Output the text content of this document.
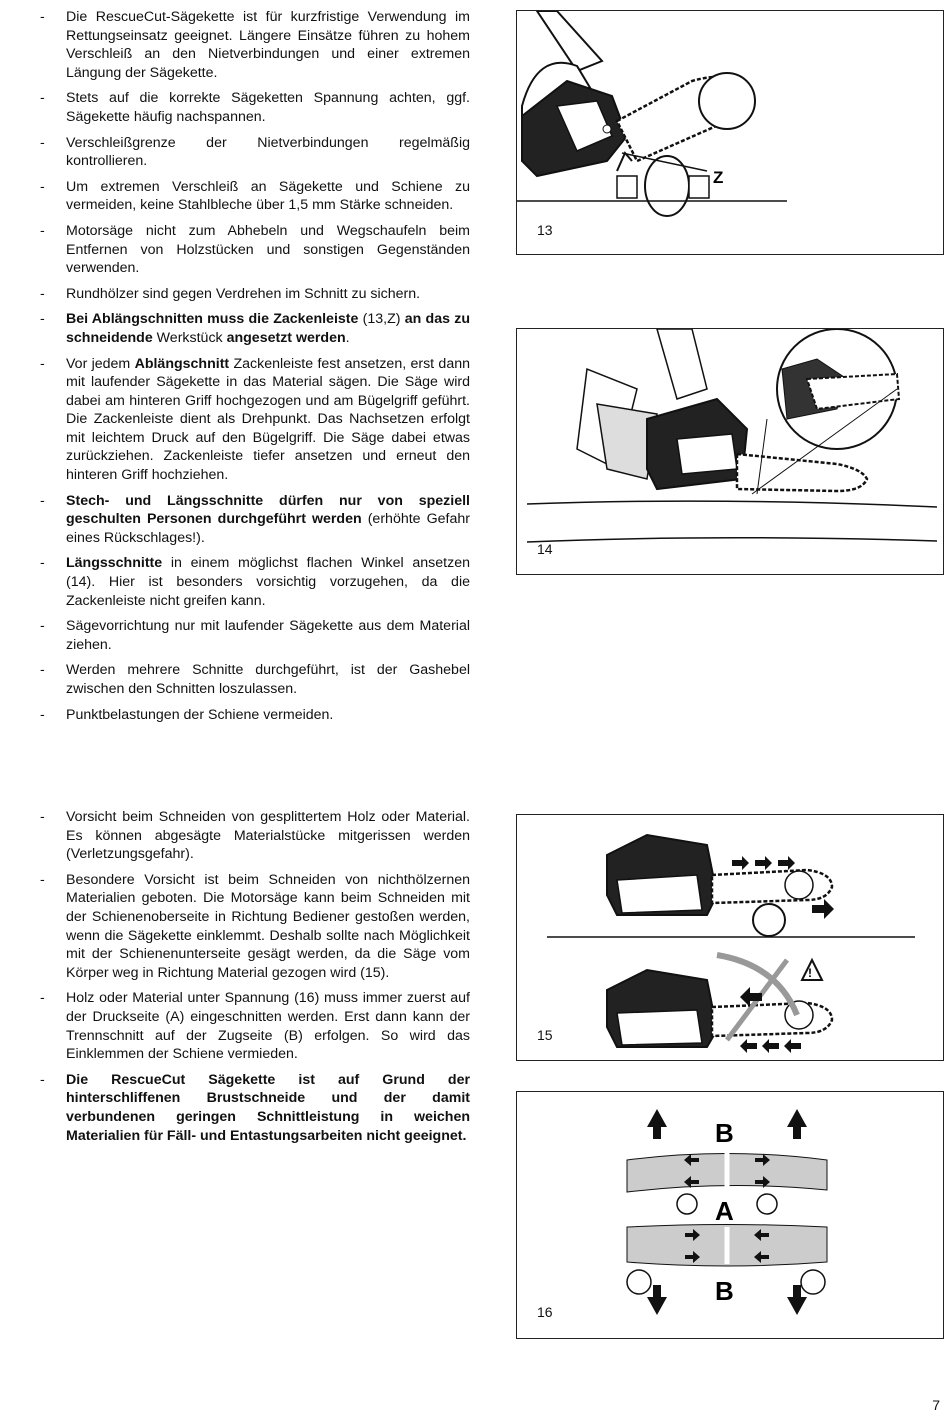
- Die RescueCut-Sägekette ist für kurzfristige Verwendung im Rettungseinsatz geeignet. Längere Einsätze führen zu hohem Verschleiß an den Nietverbindungen und einer extremen Längung der Sägekette.
- Stets auf die korrekte Sägeketten Spannung achten, ggf. Sägekette häufig nachspannen.
- Verschleißgrenze der Nietverbindungen regelmäßig kontrollieren.
- Um extremen Verschleiß an Sägekette und Schiene zu vermeiden, keine Stahlbleche über 1,5 mm Stärke schneiden.
- Motorsäge nicht zum Abhebeln und Wegschaufeln beim Entfernen von Holzstücken und sonstigen Gegenständen verwenden.
- Rundhölzer sind gegen Verdrehen im Schnitt zu sichern.
- Bei Ablängschnitten muss die Zackenleiste (13,Z) an das zu schneidende Werkstück angesetzt werden.
- Vor jedem Ablängschnitt Zackenleiste fest ansetzen, erst dann mit laufender Sägekette in das Material sägen. Die Säge wird dabei am hinteren Griff hochgezogen und am Bügelgriff geführt. Die Zackenleiste dient als Drehpunkt. Das Nachsetzen erfolgt mit leichtem Druck auf den Bügelgriff. Die Säge dabei etwas zurückziehen. Zackenleiste tiefer ansetzen und erneut den hinteren Griff hochziehen.
- Stech- und Längsschnitte dürfen nur von speziell geschulten Personen durchgeführt werden (erhöhte Gefahr eines Rückschlages!).
- Längsschnitte in einem möglichst flachen Winkel ansetzen (14). Hier ist besonders vorsichtig vorzugehen, da die Zackenleiste nicht greifen kann.
- Sägevorrichtung nur mit laufender Sägekette aus dem Material ziehen.
- Werden mehrere Schnitte durchgeführt, ist der Gashebel zwischen den Schnitten loszulassen.
- Punktbelastungen der Schiene vermeiden.
- Vorsicht beim Schneiden von gesplittertem Holz oder Material. Es können abgesägte Materialstücke mitgerissen werden (Verletzungsgefahr).
- Besondere Vorsicht ist beim Schneiden von nichthölzernen Materialien geboten. Die Motorsäge kann beim Schneiden mit der Schienenoberseite in Richtung Bediener gestoßen werden, wenn die Sägekette einklemmt. Deshalb sollte nach Möglichkeit mit der Schienenunterseite gesägt werden, da die Säge vom Körper weg in Richtung Material gezogen wird (15).
- Holz oder Material unter Spannung (16) muss immer zuerst auf der Druckseite (A) eingeschnitten werden. Erst dann kann der Trennschnitt auf der Zugseite (B) erfolgen. So wird das Einklemmen der Schiene vermieden.
- Die RescueCut Sägekette ist auf Grund der hinterschliffenen Brustschneide und der damit verbundenen geringen Schnittleistung in weichen Materialien für Fäll- und Entastungsarbeiten nicht geeignet.
Z
13
14
!
15
B
A
B
16
7
